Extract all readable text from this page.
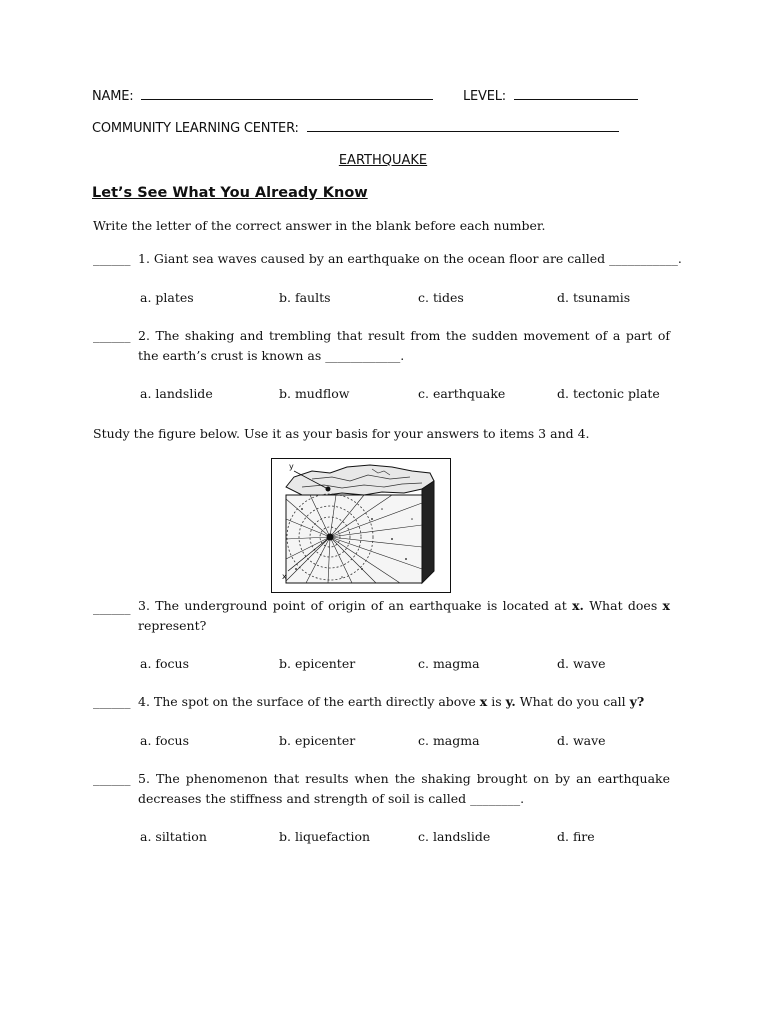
NAME:	LEVEL:
COMMUNITY LEARNING CENTER:
EARTHQUAKE
Let’s See What You Already Know
Write the letter of the correct answer in the blank before each number.
______ 1. Giant sea waves caused by an earthquake on the ocean floor are called ___________.
a. plates	b. faults	c. tides	d. tsunamis
______ 2. The shaking and trembling that result from the sudden movement of a part of the earth’s crust is known as ____________.
a. landslide	b. mudflow	c. earthquake	d. tectonic plate
Study the figure below. Use it as your basis for your answers to items 3 and 4.
y
x
______ 3. The underground point of origin of an earthquake is located at x. What does x represent?
a. focus	b. epicenter	c. magma	d. wave
______ 4. The spot on the surface of the earth directly above x is y. What do you call y?
a. focus	b. epicenter	c. magma	d. wave
______ 5. The phenomenon that results when the shaking brought on by an earthquake decreases the stiffness and strength of soil is called ________.
a. siltation	b. liquefaction	c. landslide	d. fire
